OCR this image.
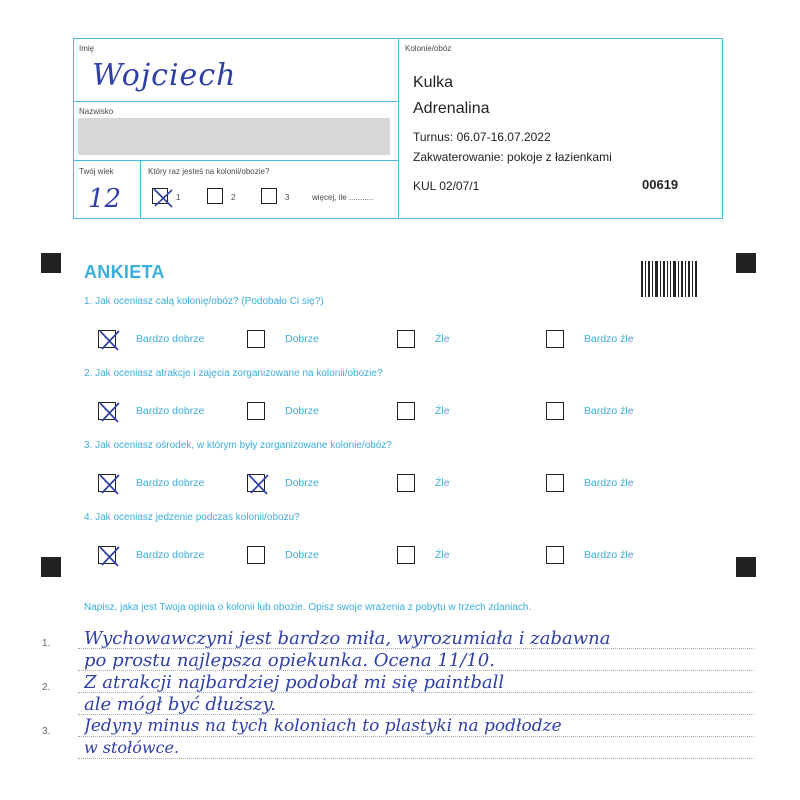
Imię
Wojciech
Nazwisko
Twój wiek
12
Który raz jesteś na kolonii/obozie?
1	2	3	więcej, ile ...........
Kolonie/obóz
Kulka
Adrenalina
Turnus: 06.07-16.07.2022
Zakwaterowanie: pokoje z łazienkami
KUL 02/07/1	00619
ANKIETA
1. Jak oceniasz całą kolonię/obóz? (Podobało Ci się?)
Bardzo dobrze	Dobrze	Źle	Bardzo źle
2. Jak oceniasz atrakcje i zajęcia zorganizowane na kolonii/obozie?
Bardzo dobrze	Dobrze	Źle	Bardzo źle
3. Jak oceniasz ośrodek, w którym były zorganizowane kolonie/obóz?
Bardzo dobrze	Dobrze	Źle	Bardzo źle
4. Jak oceniasz jedzenie podczas kolonii/obozu?
Bardzo dobrze	Dobrze	Źle	Bardzo źle
Napisz, jaka jest Twoja opinia o kolonii lub obozie. Opisz swoje wrażenia z pobytu w trzech zdaniach.
1. Wychowawczyni jest bardzo miła, wyrozumiała i zabawna
po prostu najlepsza opiekunka. Ocena 11/10.
2. Z atrakcji najbardziej podobał mi się paintball
ale mógł być dłuższy.
3. Jedyny minus na tych koloniach to plastyki na podłodze
w stołówce.
